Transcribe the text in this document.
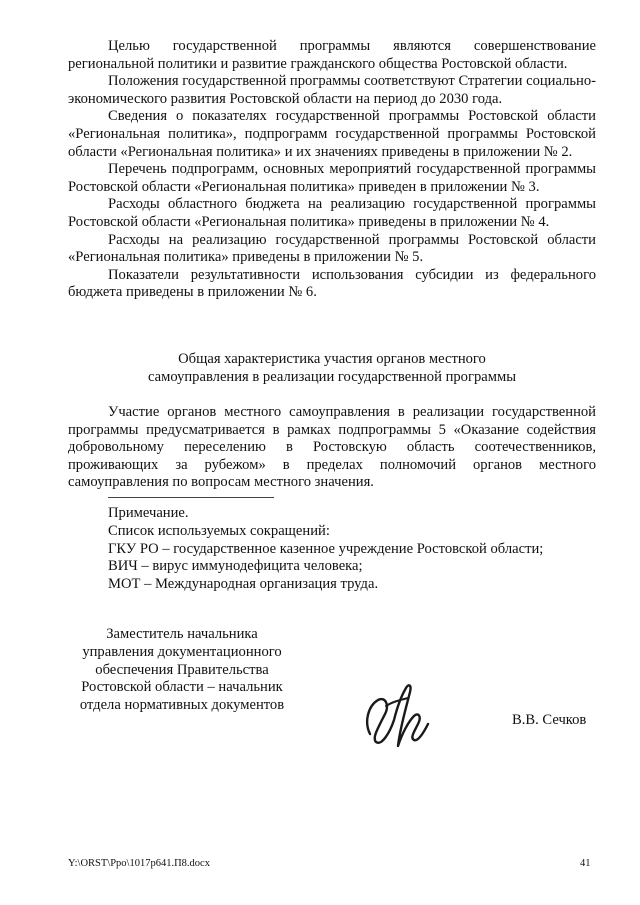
Целью государственной программы являются совершенствование региональной политики и развитие гражданского общества Ростовской области.

Положения государственной программы соответствуют Стратегии социально-экономического развития Ростовской области на период до 2030 года.

Сведения о показателях государственной программы Ростовской области «Региональная политика», подпрограмм государственной программы Ростовской области «Региональная политика» и их значениях приведены в приложении № 2.

Перечень подпрограмм, основных мероприятий государственной программы Ростовской области «Региональная политика» приведен в приложении № 3.

Расходы областного бюджета на реализацию государственной программы Ростовской области «Региональная политика» приведены в приложении № 4.

Расходы на реализацию государственной программы Ростовской области «Региональная политика» приведены в приложении № 5.

Показатели результативности использования субсидии из федерального бюджета приведены в приложении № 6.

Общая характеристика участия органов местного
самоуправления в реализации государственной программы

Участие органов местного самоуправления в реализации государственной программы предусматривается в рамках подпрограммы 5 «Оказание содействия добровольному переселению в Ростовскую область соотечественников, проживающих за рубежом» в пределах полномочий органов местного самоуправления по вопросам местного значения.

Примечание.
Список используемых сокращений:
ГКУ РО – государственное казенное учреждение Ростовской области;
ВИЧ – вирус иммунодефицита человека;
МОТ – Международная организация труда.
Заместитель начальника
управления документационного
обеспечения Правительства
Ростовской области – начальник
отдела нормативных документов
В.В. Сечков
Y:\ORST\Ppo\1017p641.П8.docx	41
